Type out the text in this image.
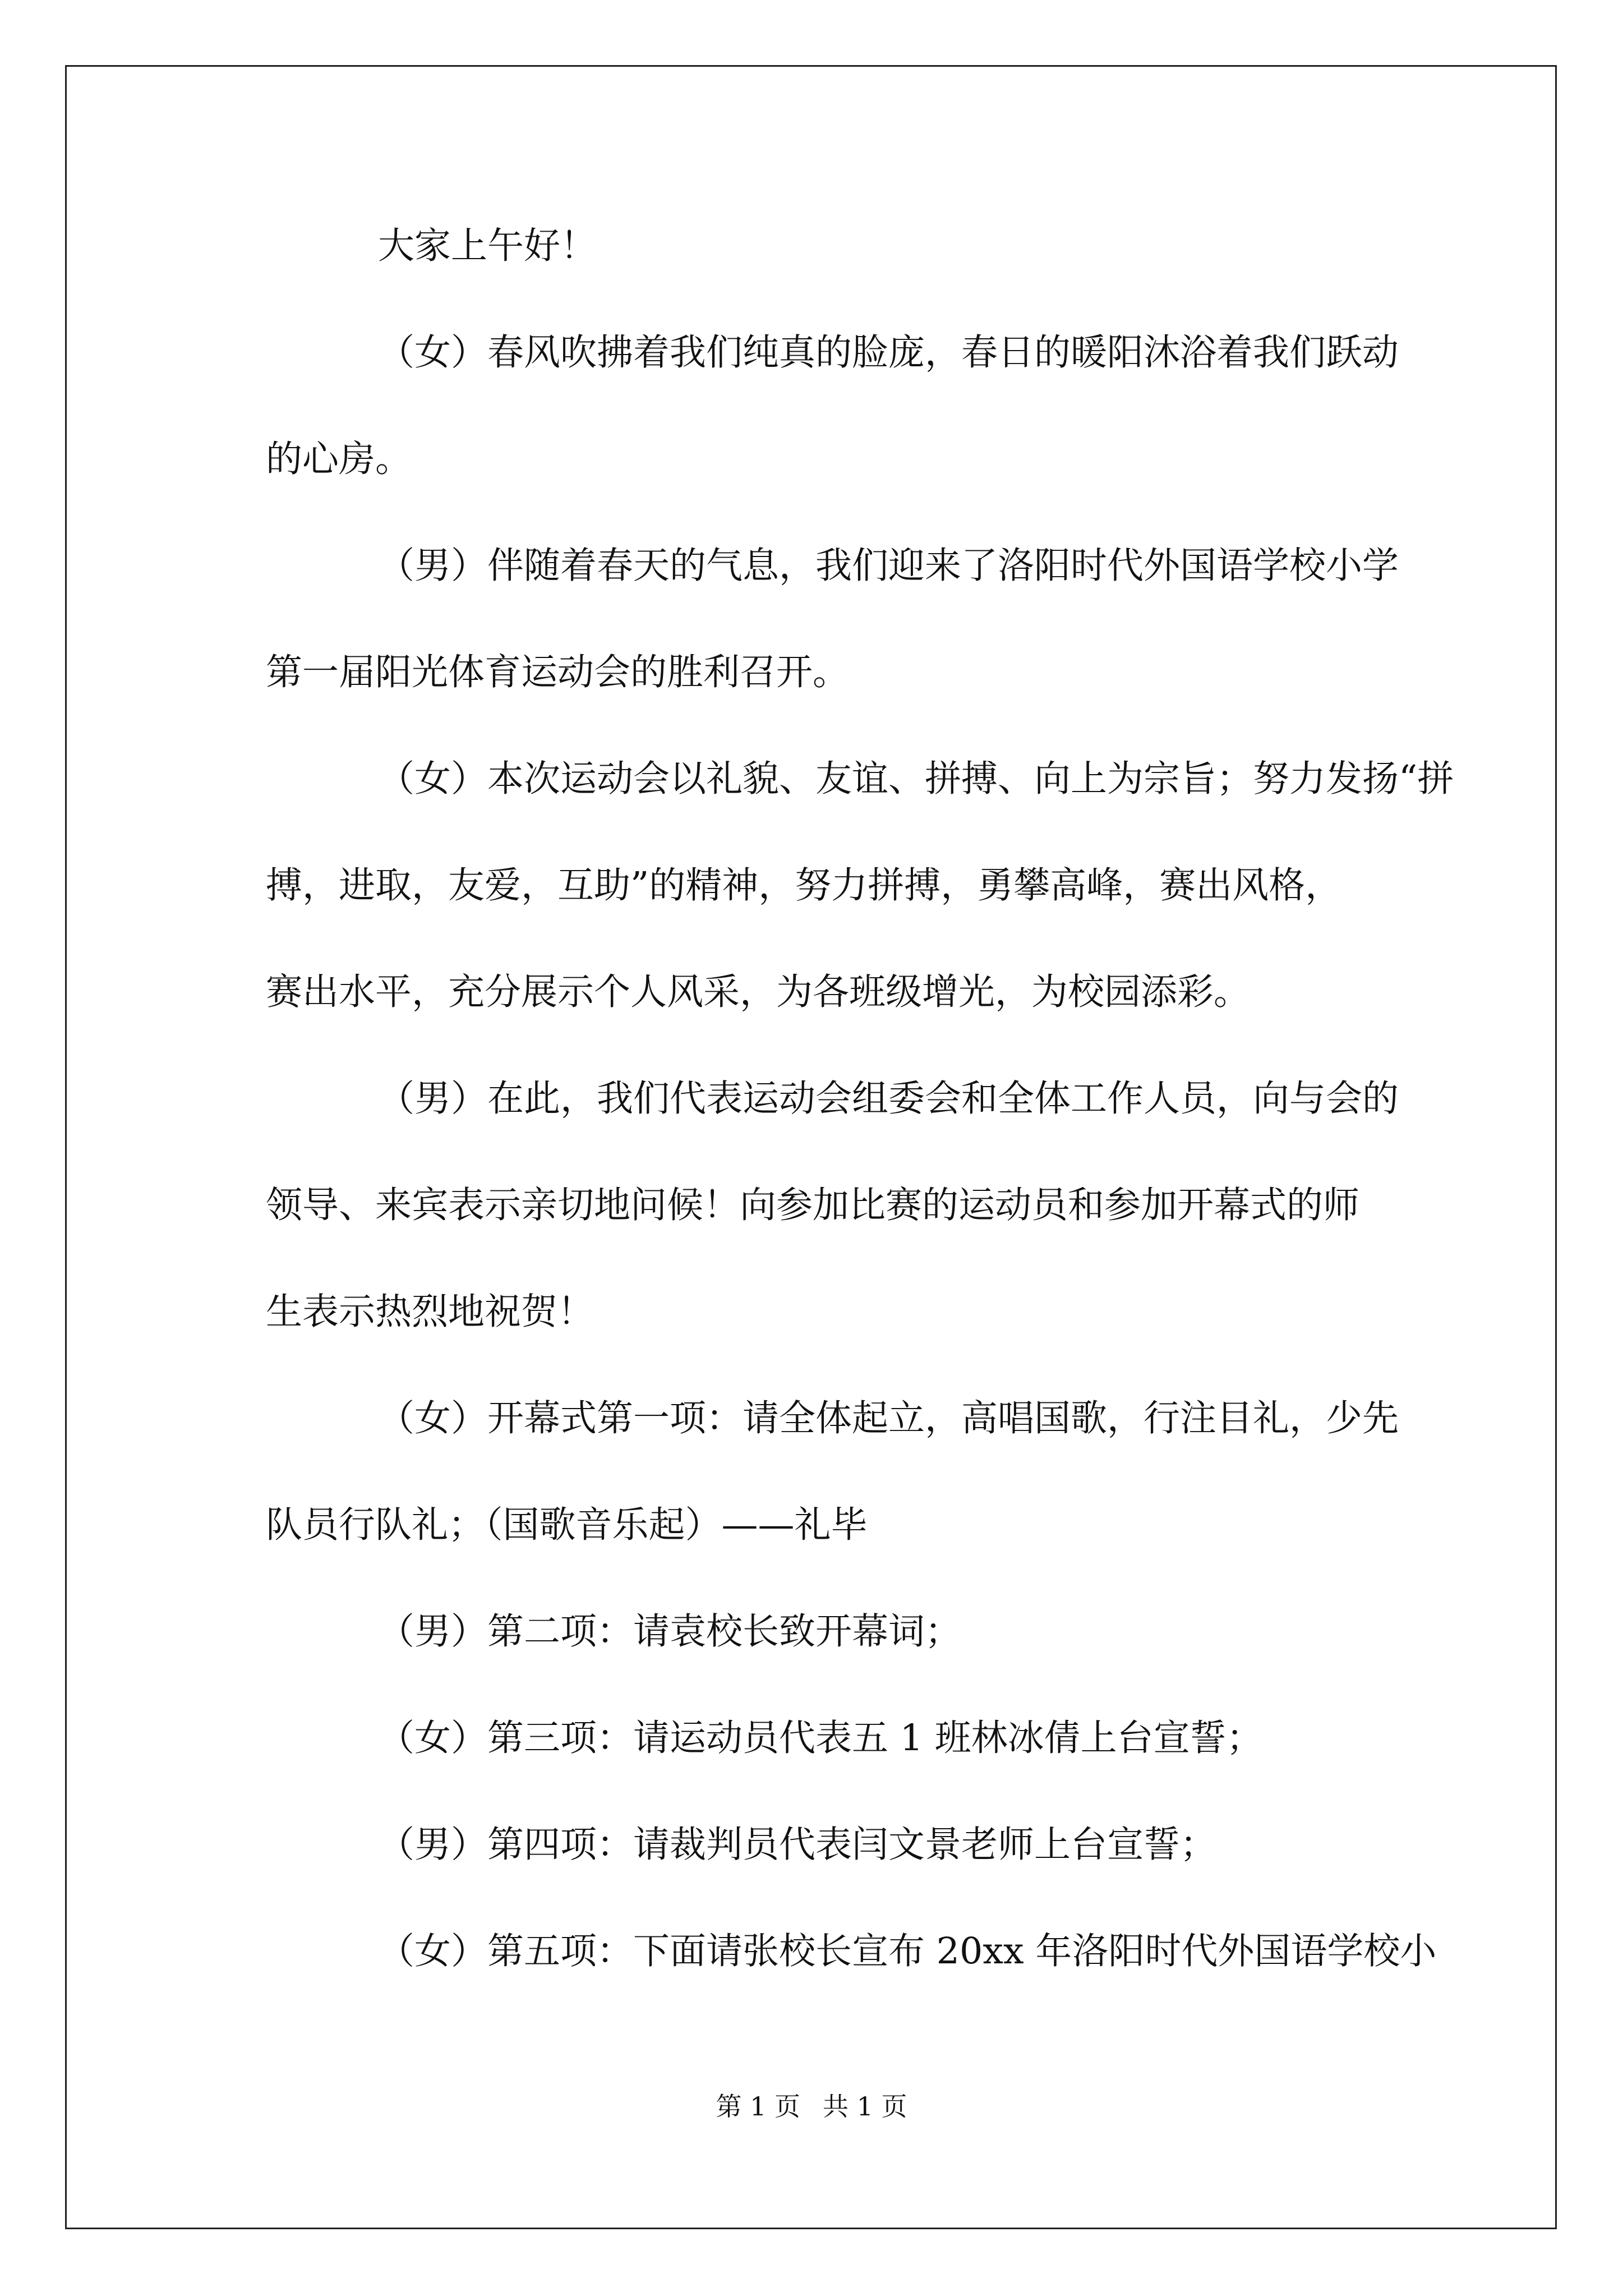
大家上午好！
（女）春风吹拂着我们纯真的脸庞，春日的暖阳沐浴着我们跃动
的心房。
（男）伴随着春天的气息，我们迎来了洛阳时代外国语学校小学
第一届阳光体育运动会的胜利召开。
（女）本次运动会以礼貌、友谊、拼搏、向上为宗旨；努力发扬“拼
搏，进取，友爱，互助”的精神，努力拼搏，勇攀高峰，赛出风格，
赛出水平，充分展示个人风采，为各班级增光，为校园添彩。
（男）在此，我们代表运动会组委会和全体工作人员，向与会的
领导、来宾表示亲切地问候！向参加比赛的运动员和参加开幕式的师
生表示热烈地祝贺！
（女）开幕式第一项：请全体起立，高唱国歌，行注目礼，少先
队员行队礼；（国歌音乐起）——礼毕
（男）第二项：请袁校长致开幕词；
（女）第三项：请运动员代表五 1 班林冰倩上台宣誓；
（男）第四项：请裁判员代表闫文景老师上台宣誓；
（女）第五项：下面请张校长宣布 20xx 年洛阳时代外国语学校小
第 1 页 共 1 页
